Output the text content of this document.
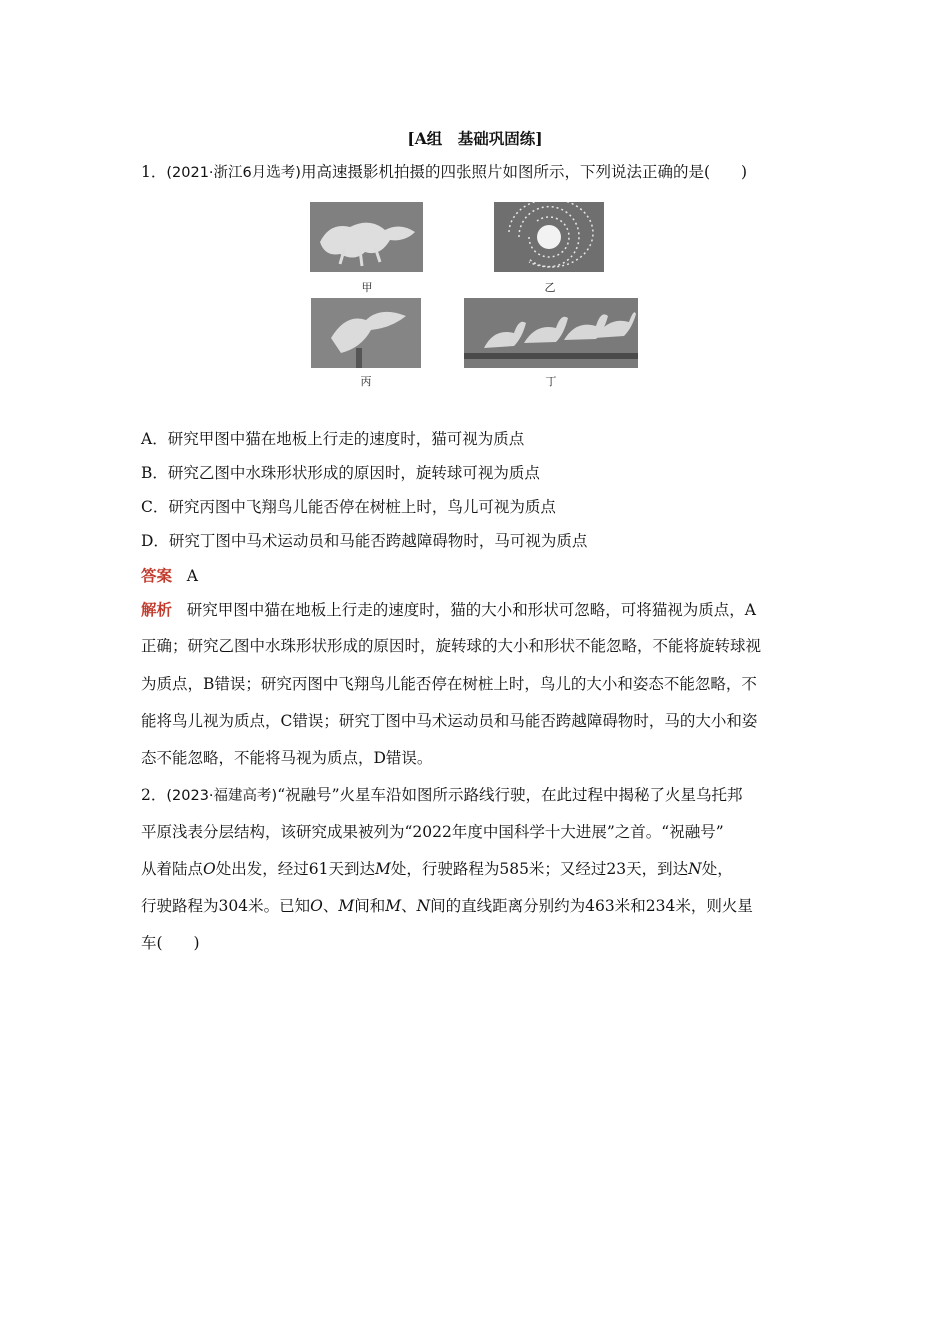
[A组　基础巩固练]
1．(2021·浙江6月选考)用高速摄影机拍摄的四张照片如图所示，下列说法正确的是(　　)
甲	乙
丙	丁
A．研究甲图中猫在地板上行走的速度时，猫可视为质点
B．研究乙图中水珠形状形成的原因时，旋转球可视为质点
C．研究丙图中飞翔鸟儿能否停在树桩上时，鸟儿可视为质点
D．研究丁图中马术运动员和马能否跨越障碍物时，马可视为质点
答案 A
解析 研究甲图中猫在地板上行走的速度时，猫的大小和形状可忽略，可将猫视为质点，A
正确；研究乙图中水珠形状形成的原因时，旋转球的大小和形状不能忽略，不能将旋转球视
为质点，B错误；研究丙图中飞翔鸟儿能否停在树桩上时，鸟儿的大小和姿态不能忽略，不
能将鸟儿视为质点，C错误；研究丁图中马术运动员和马能否跨越障碍物时，马的大小和姿
态不能忽略，不能将马视为质点，D错误。
2．(2023·福建高考)“祝融号”火星车沿如图所示路线行驶，在此过程中揭秘了火星乌托邦
平原浅表分层结构，该研究成果被列为“2022年度中国科学十大进展”之首。“祝融号”
从着陆点O处出发，经过61天到达M处，行驶路程为585米；又经过23天，到达N处，
行驶路程为304米。已知O、M间和M、N间的直线距离分别约为463米和234米，则火星
车(　　)
